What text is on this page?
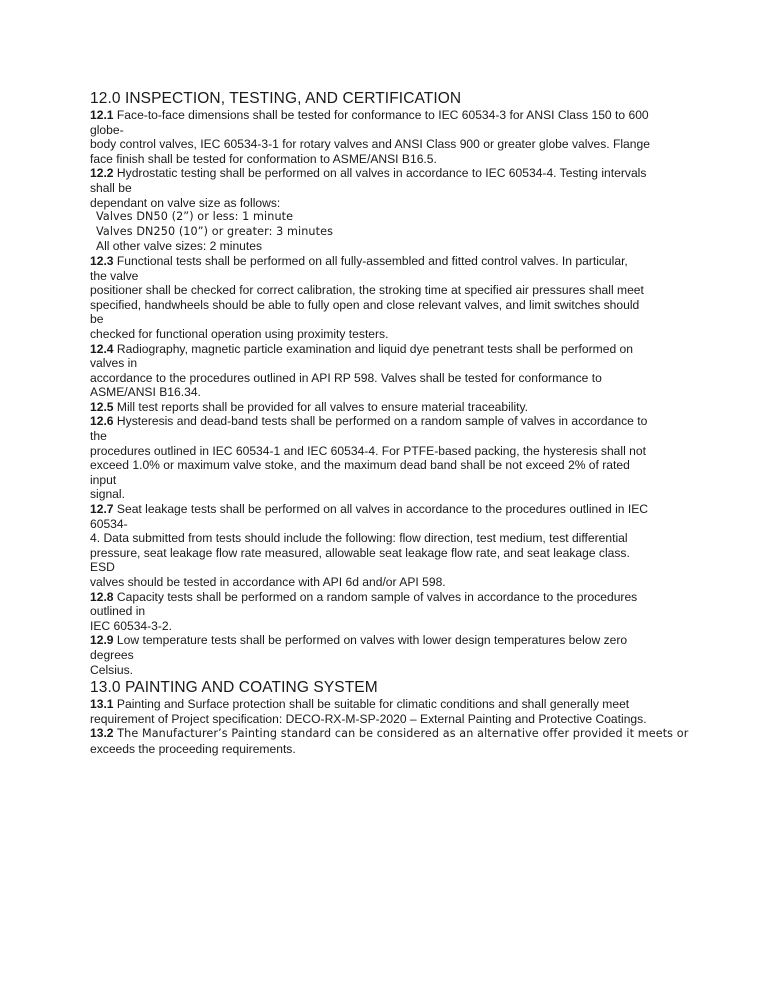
12.0 INSPECTION, TESTING, AND CERTIFICATION

12.1 Face-to-face dimensions shall be tested for conformance to IEC 60534-3 for ANSI Class 150 to 600
globe-
body control valves, IEC 60534-3-1 for rotary valves and ANSI Class 900 or greater globe valves. Flange
face finish shall be tested for conformation to ASME/ANSI B16.5.

12.2 Hydrostatic testing shall be performed on all valves in accordance to IEC 60534-4. Testing intervals
shall be
dependant on valve size as follows:

Valves DN50 (2”) or less: 1 minute
Valves DN250 (10”) or greater: 3 minutes
All other valve sizes: 2 minutes

12.3 Functional tests shall be performed on all fully-assembled and fitted control valves. In particular,
the valve
positioner shall be checked for correct calibration, the stroking time at specified air pressures shall meet
specified, handwheels should be able to fully open and close relevant valves, and limit switches should
be
checked for functional operation using proximity testers.

12.4 Radiography, magnetic particle examination and liquid dye penetrant tests shall be performed on
valves in
accordance to the procedures outlined in API RP 598. Valves shall be tested for conformance to
ASME/ANSI B16.34.

12.5 Mill test reports shall be provided for all valves to ensure material traceability.

12.6 Hysteresis and dead-band tests shall be performed on a random sample of valves in accordance to
the
procedures outlined in IEC 60534-1 and IEC 60534-4. For PTFE-based packing, the hysteresis shall not
exceed 1.0% or maximum valve stoke, and the maximum dead band shall be not exceed 2% of rated
input
signal.

12.7 Seat leakage tests shall be performed on all valves in accordance to the procedures outlined in IEC
60534-
4. Data submitted from tests should include the following: flow direction, test medium, test differential
pressure, seat leakage flow rate measured, allowable seat leakage flow rate, and seat leakage class.
ESD
valves should be tested in accordance with API 6d and/or API 598.

12.8 Capacity tests shall be performed on a random sample of valves in accordance to the procedures
outlined in
IEC 60534-3-2.

12.9 Low temperature tests shall be performed on valves with lower design temperatures below zero
degrees
Celsius.

13.0 PAINTING AND COATING SYSTEM

13.1 Painting and Surface protection shall be suitable for climatic conditions and shall generally meet
requirement of Project specification: DECO-RX-M-SP-2020 – External Painting and Protective Coatings.

13.2 The Manufacturer’s Painting standard can be considered as an alternative offer provided it meets or
exceeds the proceeding requirements.
